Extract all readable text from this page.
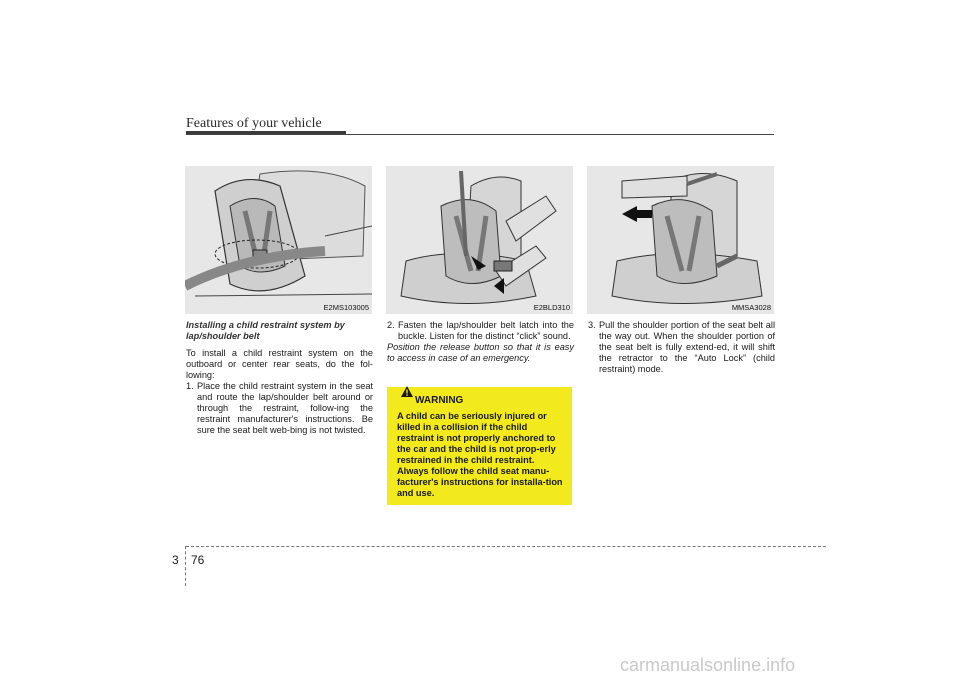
Features of your vehicle
E2MS103005	E2BLD310	MMSA3028

Installing a child restraint system by lap/shoulder belt

To install a child restraint system on the outboard or center rear seats, do the fol-lowing:

1. Place the child restraint system in the seat and route the lap/shoulder belt around or through the restraint, follow-ing the restraint manufacturer's instructions. Be sure the seat belt web-bing is not twisted.
2. Fasten the lap/shoulder belt latch into the buckle. Listen for the distinct “click” sound.

Position the release button so that it is easy to access in case of an emergency.

WARNING
A child can be seriously injured or killed in a collision if the child restraint is not properly anchored to the car and the child is not prop-erly restrained in the child restraint. Always follow the child seat manu-facturer's instructions for installa-tion and use.
3. Pull the shoulder portion of the seat belt all the way out. When the shoulder portion of the seat belt is fully extend-ed, it will shift the retractor to the “Auto Lock” (child restraint) mode.
3 76
carmanualsonline.info
